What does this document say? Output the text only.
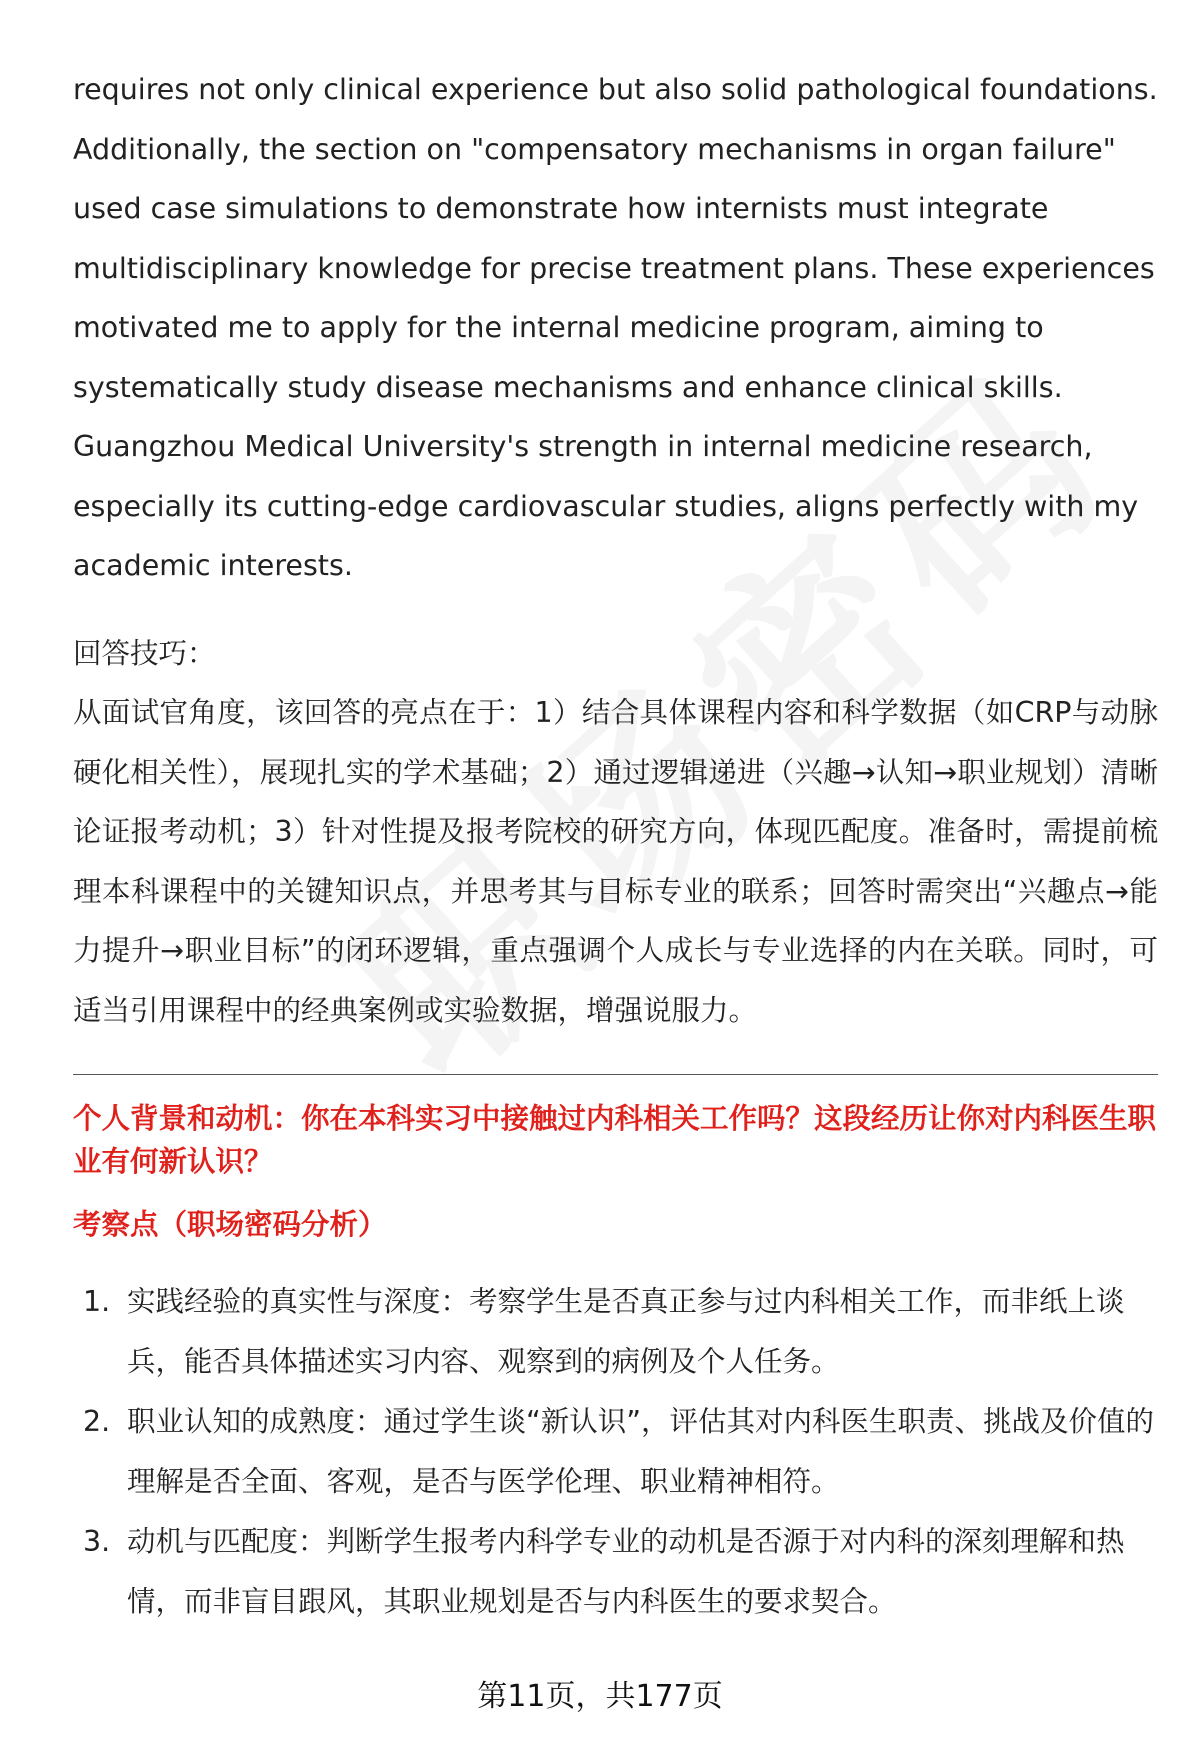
requires not only clinical experience but also solid pathological foundations. Additionally, the section on "compensatory mechanisms in organ failure" used case simulations to demonstrate how internists must integrate multidisciplinary knowledge for precise treatment plans. These experiences motivated me to apply for the internal medicine program, aiming to systematically study disease mechanisms and enhance clinical skills. Guangzhou Medical University's strength in internal medicine research, especially its cutting-edge cardiovascular studies, aligns perfectly with my academic interests.

回答技巧：

从面试官角度，该回答的亮点在于：1）结合具体课程内容和科学数据（如CRP与动脉硬化相关性），展现扎实的学术基础；2）通过逻辑递进（兴趣→认知→职业规划）清晰论证报考动机；3）针对性提及报考院校的研究方向，体现匹配度。准备时，需提前梳理本科课程中的关键知识点，并思考其与目标专业的联系；回答时需突出“兴趣点→能力提升→职业目标”的闭环逻辑，重点强调个人成长与专业选择的内在关联。同时，可适当引用课程中的经典案例或实验数据，增强说服力。

个人背景和动机：你在本科实习中接触过内科相关工作吗？这段经历让你对内科医生职业有何新认识？

考察点（职场密码分析）

1. 实践经验的真实性与深度：考察学生是否真正参与过内科相关工作，而非纸上谈兵，能否具体描述实习内容、观察到的病例及个人任务。
2. 职业认知的成熟度：通过学生谈“新认识”，评估其对内科医生职责、挑战及价值的理解是否全面、客观，是否与医学伦理、职业精神相符。
3. 动机与匹配度：判断学生报考内科学专业的动机是否源于对内科的深刻理解和热情，而非盲目跟风，其职业规划是否与内科医生的要求契合。
第11页，共177页
